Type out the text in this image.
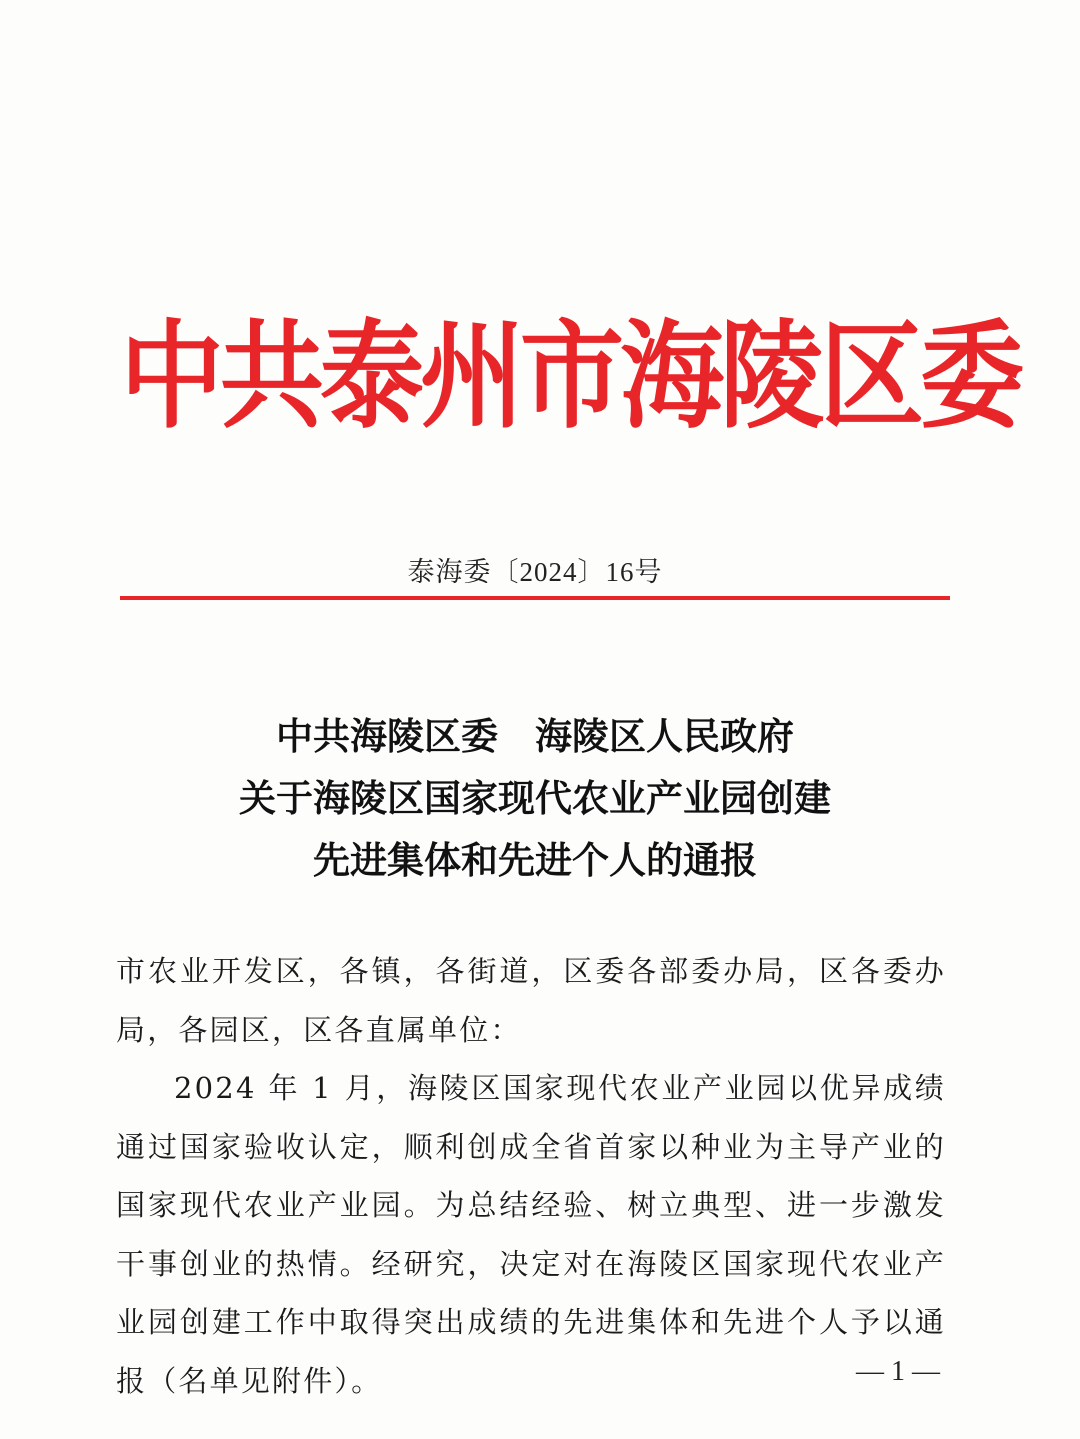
中共泰州市海陵区委
泰海委〔2024〕16号
中共海陵区委　海陵区人民政府
关于海陵区国家现代农业产业园创建
先进集体和先进个人的通报

市农业开发区，各镇，各街道，区委各部委办局，区各委办局，各园区，区各直属单位：

2024 年 1 月，海陵区国家现代农业产业园以优异成绩通过国家验收认定，顺利创成全省首家以种业为主导产业的国家现代农业产业园。为总结经验、树立典型、进一步激发干事创业的热情。经研究，决定对在海陵区国家现代农业产业园创建工作中取得突出成绩的先进集体和先进个人予以通报（名单见附件）。	— 1 —
